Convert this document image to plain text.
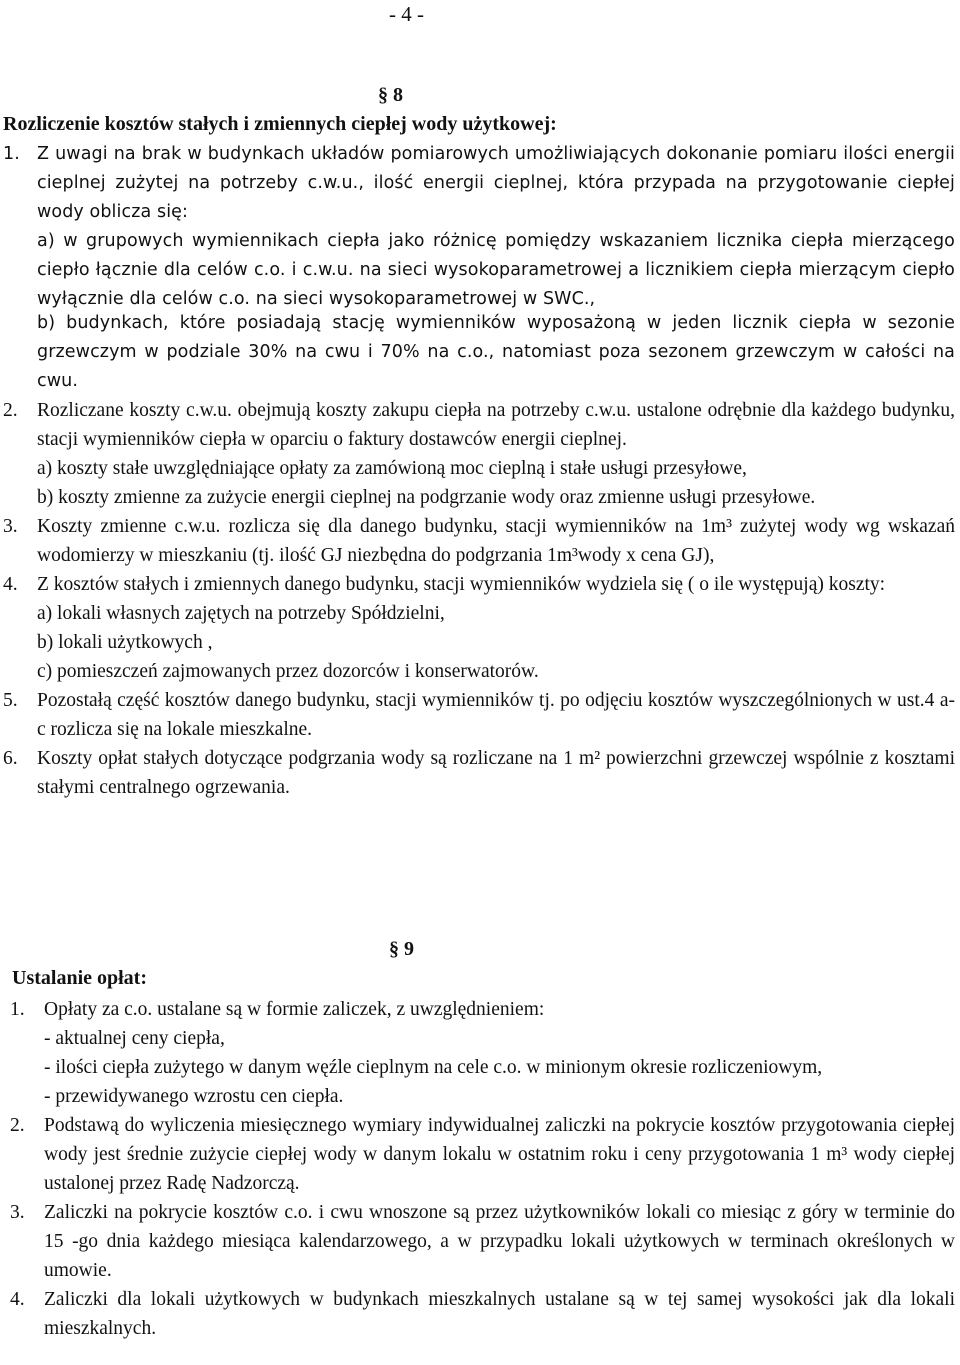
- 4 -
§ 8
Rozliczenie kosztów stałych i zmiennych ciepłej wody użytkowej:
1. Z uwagi na brak w budynkach układów pomiarowych umożliwiających dokonanie pomiaru ilości energii cieplnej zużytej na potrzeby c.w.u., ilość energii cieplnej, która przypada na przygotowanie ciepłej wody oblicza się:
a) w grupowych wymiennikach ciepła jako różnicę pomiędzy wskazaniem licznika ciepła mierzącego ciepło łącznie dla celów c.o. i c.w.u. na sieci wysokoparametrowej a licznikiem ciepła mierzącym ciepło wyłącznie dla celów c.o. na sieci wysokoparametrowej w SWC.,
b) budynkach, które posiadają stację wymienników wyposażoną w jeden licznik ciepła w sezonie grzewczym w podziale 30% na cwu i 70% na c.o., natomiast poza sezonem grzewczym w całości na cwu.
2. Rozliczane koszty c.w.u. obejmują koszty zakupu ciepła na potrzeby c.w.u. ustalone odrębnie dla każdego budynku, stacji wymienników ciepła w oparciu o faktury dostawców energii cieplnej.
a) koszty stałe uwzględniające opłaty za zamówioną moc cieplną i stałe usługi przesyłowe,
b) koszty zmienne za zużycie energii cieplnej na podgrzanie wody oraz zmienne usługi przesyłowe.
3. Koszty zmienne c.w.u. rozlicza się dla danego budynku, stacji wymienników na 1m³ zużytej wody wg wskazań wodomierzy w mieszkaniu (tj. ilość GJ niezbędna do podgrzania 1m³wody x cena GJ),
4. Z kosztów stałych i zmiennych danego budynku, stacji wymienników wydziela się ( o ile występują) koszty:
a) lokali własnych zajętych na potrzeby Spółdzielni,
b) lokali użytkowych ,
c) pomieszczeń zajmowanych przez dozorców i konserwatorów.
5. Pozostałą część kosztów danego budynku, stacji wymienników tj. po odjęciu kosztów wyszczególnionych w ust.4 a-c rozlicza się na lokale mieszkalne.
6. Koszty opłat stałych dotyczące podgrzania wody są rozliczane na 1 m² powierzchni grzewczej wspólnie z kosztami stałymi centralnego ogrzewania.
§ 9
Ustalanie opłat:
1. Opłaty za c.o. ustalane są w formie zaliczek, z uwzględnieniem:
- aktualnej ceny ciepła,
- ilości ciepła zużytego w danym węźle cieplnym na cele c.o. w minionym okresie rozliczeniowym,
- przewidywanego wzrostu cen ciepła.
2. Podstawą do wyliczenia miesięcznego wymiary indywidualnej zaliczki na pokrycie kosztów przygotowania ciepłej wody jest średnie zużycie ciepłej wody w danym lokalu w ostatnim roku i ceny przygotowania 1 m³ wody ciepłej ustalonej przez Radę Nadzorczą.
3. Zaliczki na pokrycie kosztów c.o. i cwu wnoszone są przez użytkowników lokali co miesiąc z góry w terminie do 15 -go dnia każdego miesiąca kalendarzowego, a w przypadku lokali użytkowych w terminach określonych w umowie.
4. Zaliczki dla lokali użytkowych w budynkach mieszkalnych ustalane są w tej samej wysokości jak dla lokali mieszkalnych.
